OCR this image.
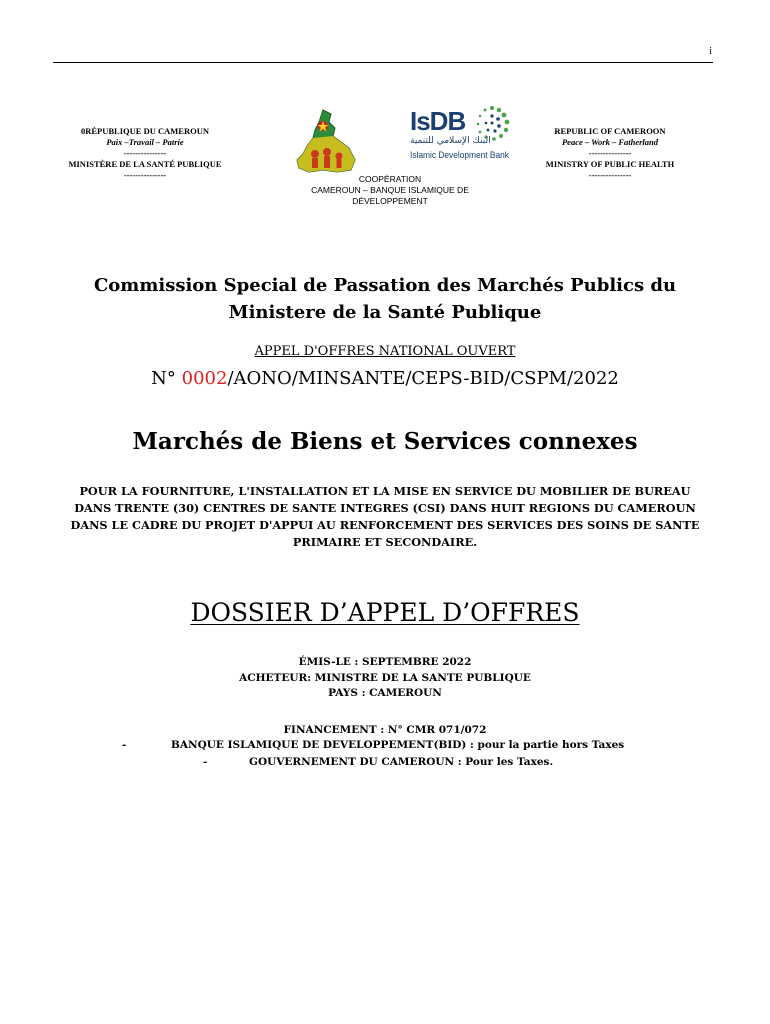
i
0RÉPUBLIQUE DU CAMEROUN
Paix –Travail – Patrie
---------------
MINISTÈRE DE LA SANTÉ PUBLIQUE
---------------
IsDB
البنك الإسلامي للتنمية
Islamic Development Bank
COOPÉRATION
CAMEROUN – BANQUE ISLAMIQUE DE
DÉVELOPPEMENT
REPUBLIC OF CAMEROON
Peace – Work – Fatherland
---------------
MINISTRY OF PUBLIC HEALTH
---------------
Commission Special de Passation des Marchés Publics du
Ministere de la Santé Publique
APPEL D'OFFRES NATIONAL OUVERT
N° 0002/AONO/MINSANTE/CEPS-BID/CSPM/2022
Marchés de Biens et Services connexes
POUR LA FOURNITURE, L'INSTALLATION ET LA MISE EN SERVICE DU MOBILIER DE BUREAU
DANS TRENTE (30) CENTRES DE SANTE INTEGRES (CSI) DANS HUIT REGIONS DU CAMEROUN
DANS LE CADRE DU PROJET D'APPUI AU RENFORCEMENT DES SERVICES DES SOINS DE SANTE
PRIMAIRE ET SECONDAIRE.
DOSSIER D’APPEL D’OFFRES
ÉMIS-LE : SEPTEMBRE 2022
ACHETEUR: MINISTRE DE LA SANTE PUBLIQUE
PAYS : CAMEROUN
FINANCEMENT : N° CMR 071/072
-	BANQUE ISLAMIQUE DE DEVELOPPEMENT(BID) : pour la partie hors Taxes
-	GOUVERNEMENT DU CAMEROUN : Pour les Taxes.
